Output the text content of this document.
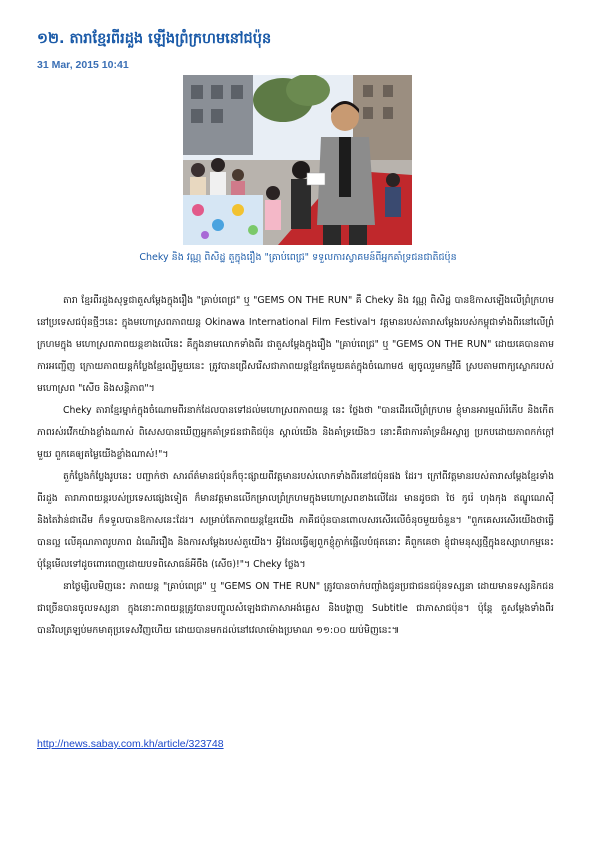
១២. តារាខ្មែរពីរដួង ឡើងព្រំក្រហមនៅជប៉ុន
31 Mar, 2015 10:41
Cheky និង វណ្ណ ពិសិដ្ឋ តួក្នុងរឿង "គ្រាប់ពេជ្រ" ទទួលការស្វាគមន៍ពីអ្នកគាំទ្រជនជាតិជប៉ុន

តារា ខ្មែរពីរដួងសុទ្ធជាតួសម្ដែងក្នុងរឿង "គ្រាប់ពេជ្រ" ឬ "GEMS ON THE RUN" គឺ Cheky និង វណ្ណ ពិសិដ្ឋ បានឱកាសឡើងលើព្រំក្រហមនៅប្រទេសជប៉ុនថ្មីៗនេះ ក្នុងមហោស្រពភាពយន្ត Okinawa International Film Festival។ វត្តមានរបស់តារាសម្ដែងរបស់កម្ពុជាទាំងពីរនៅលើព្រំក្រហមក្នុង មហោស្រពភាពយន្តខាងលើនេះ គឺក្នុងនាមលោកទាំងពីរ ជាតួសម្ដែងក្នុងរឿង "គ្រាប់ពេជ្រ" ឬ "GEMS ON THE RUN" ដោយគេបានតាមការអញ្ជើញ ក្រោយភាពយន្តកំប្លែងខ្មែរល្បីមួយនេះ ត្រូវបានជ្រើសរើសជាភាពយន្តខ្មែរតែមួយគត់ក្នុងចំណោម៥ ឲ្យចូលរួមកម្មវិធី ស្របតាមពាក្យស្លោករបស់មហោស្រព "សើច និងសន្តិភាព"។

Cheky តារាខ្មែរម្នាក់ក្នុងចំណោមពីរនាក់ដែលបានទៅដល់មហោស្រពភាពយន្ត នេះ ថ្លែងថា "បានដើរលើព្រំក្រហម ខ្ញុំមានអារម្មណ៍រំភើប និងកើតភាពរស់រវើកយ៉ាងខ្លាំងណាស់ ពិសេសបានឃើញអ្នកគាំទ្រជនជាតិជប៉ុន ស្គាល់យើង និងគាំទ្រយើងៗ នោះគឺជាការគាំទ្រដ៏អស្ចារ្យ ប្រកបដោយភាពកក់ក្ដៅមួយ ពួកគេឲ្យតម្លៃយើងខ្លាំងណាស់!"។

តួកំប្លែងកំប្លែងរូបនេះ បញ្ជាក់ថា សារព័ត៌មានជប៉ុនក៏ចុះផ្សាយពីវត្តមានរបស់លោកទាំងពីរនៅជប៉ុនផង ដែរ។ ក្រៅពីវត្តមានរបស់តារាសម្ដែងខ្មែរទាំងពីរដួង តារាភាពយន្តរបស់ប្រទេសផ្សេងទៀត ក៏មានវត្តមានលើកម្រាលព្រំក្រហមក្នុងមហោស្រពខាងលើដែរ មានដូចជា ថៃ កូរ៉េ ហុងកុង ឥណ្ឌូណេស៊ី និងតៃវ៉ាន់ជាដើម ក៏ទទួលបានឱកាសនេះដែរ។ សម្រាប់តែភាពយន្តខ្មែរយើង ភាគីជប៉ុនបានពោលសរសើរលើចំនុចមួយចំនួន។ "ពួកគេសរសើរយើងថាធ្វើបានល្អ លើគុណភាពរូបភាព ដំណើររឿង និងការសម្ដែងរបស់តួយើង។ អ្វីដែលធ្វើឲ្យពួកខ្ញុំភ្ញាក់ផ្អើលបំផុតនោះ គឺពួកគេថា ខ្ញុំជាមនុស្សថ្មីក្នុងឧស្សាហកម្មនេះ ប៉ុន្តែមើលទៅដូចពោរពេញដោយបទពិសោធន៍អីចឹង (សើច)!"។ Cheky ថ្លែង។

នាថ្ងៃម្សិលមិញនេះ ភាពយន្ត "គ្រាប់ពេជ្រ" ឬ "GEMS ON THE RUN" ត្រូវបានចាក់បញ្ចាំងជូនប្រជាជនជប៉ុនទស្សនា ដោយមានទស្សនិកជនជាច្រើនបានចូលទស្សនា ក្នុងនោះភាពយន្តត្រូវបានបញ្ចូលសំឡេងជាភាសាអង់គ្លេស និងបង្ហាញ Subtitle ជាភាសាជប៉ុន។ ប៉ុន្តែ តួសម្ដែងទាំងពីរ បានវិលត្រឡប់មកមាតុប្រទេសវិញហើយ ដោយបានមកដល់នៅវេលាម៉ោងប្រមាណ ១១:០០ យប់មិញនេះ៕

http://news.sabay.com.kh/article/323748
